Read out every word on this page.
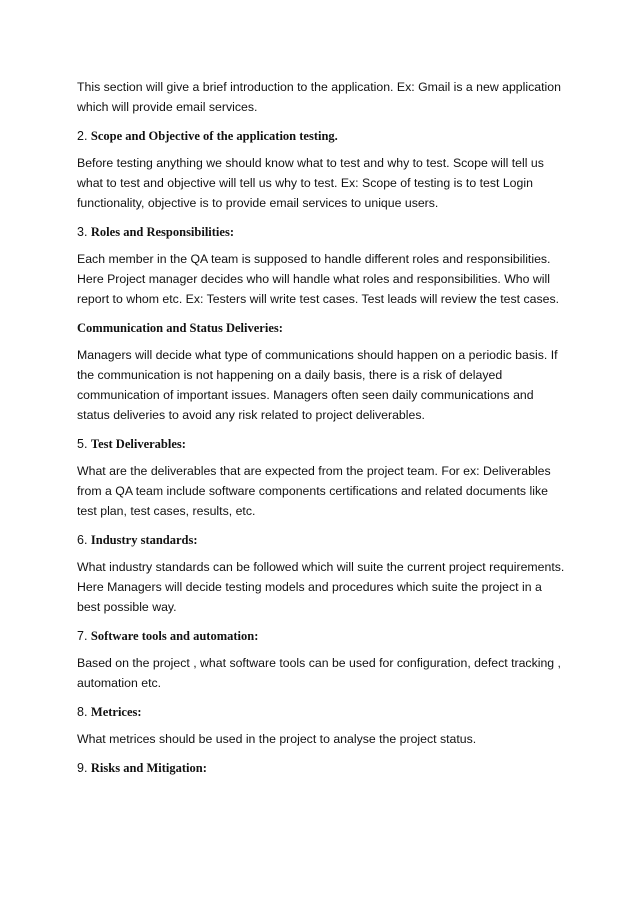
This section will give a brief introduction to the application. Ex: Gmail is a new application which will provide email services.

2. Scope and Objective of the application testing.

Before testing anything we should know what to test and why to test. Scope will tell us what to test and objective will tell us why to test. Ex: Scope of testing is to test Login functionality, objective is to provide email services to unique users.

3. Roles and Responsibilities:

Each member in the QA team is supposed to handle different roles and responsibilities. Here Project manager decides who will handle what roles and responsibilities. Who will report to whom etc. Ex: Testers will write test cases. Test leads will review the test cases.

Communication and Status Deliveries:

Managers will decide what type of communications should happen on a periodic basis. If the communication is not happening on a daily basis, there is a risk of delayed communication of important issues. Managers often seen daily communications and status deliveries to avoid any risk related to project deliverables.

5. Test Deliverables:

What are the deliverables that are expected from the project team. For ex: Deliverables from a QA team include software components certifications and related documents like test plan, test cases, results, etc.

6. Industry standards:

What industry standards can be followed which will suite the current project requirements. Here Managers will decide testing models and procedures which suite the project in a best possible way.

7. Software tools and automation:

Based on the project , what software tools can be used for configuration, defect tracking , automation etc.

8. Metrices:

What metrices should be used in the project to analyse the project status.

9. Risks and Mitigation:
